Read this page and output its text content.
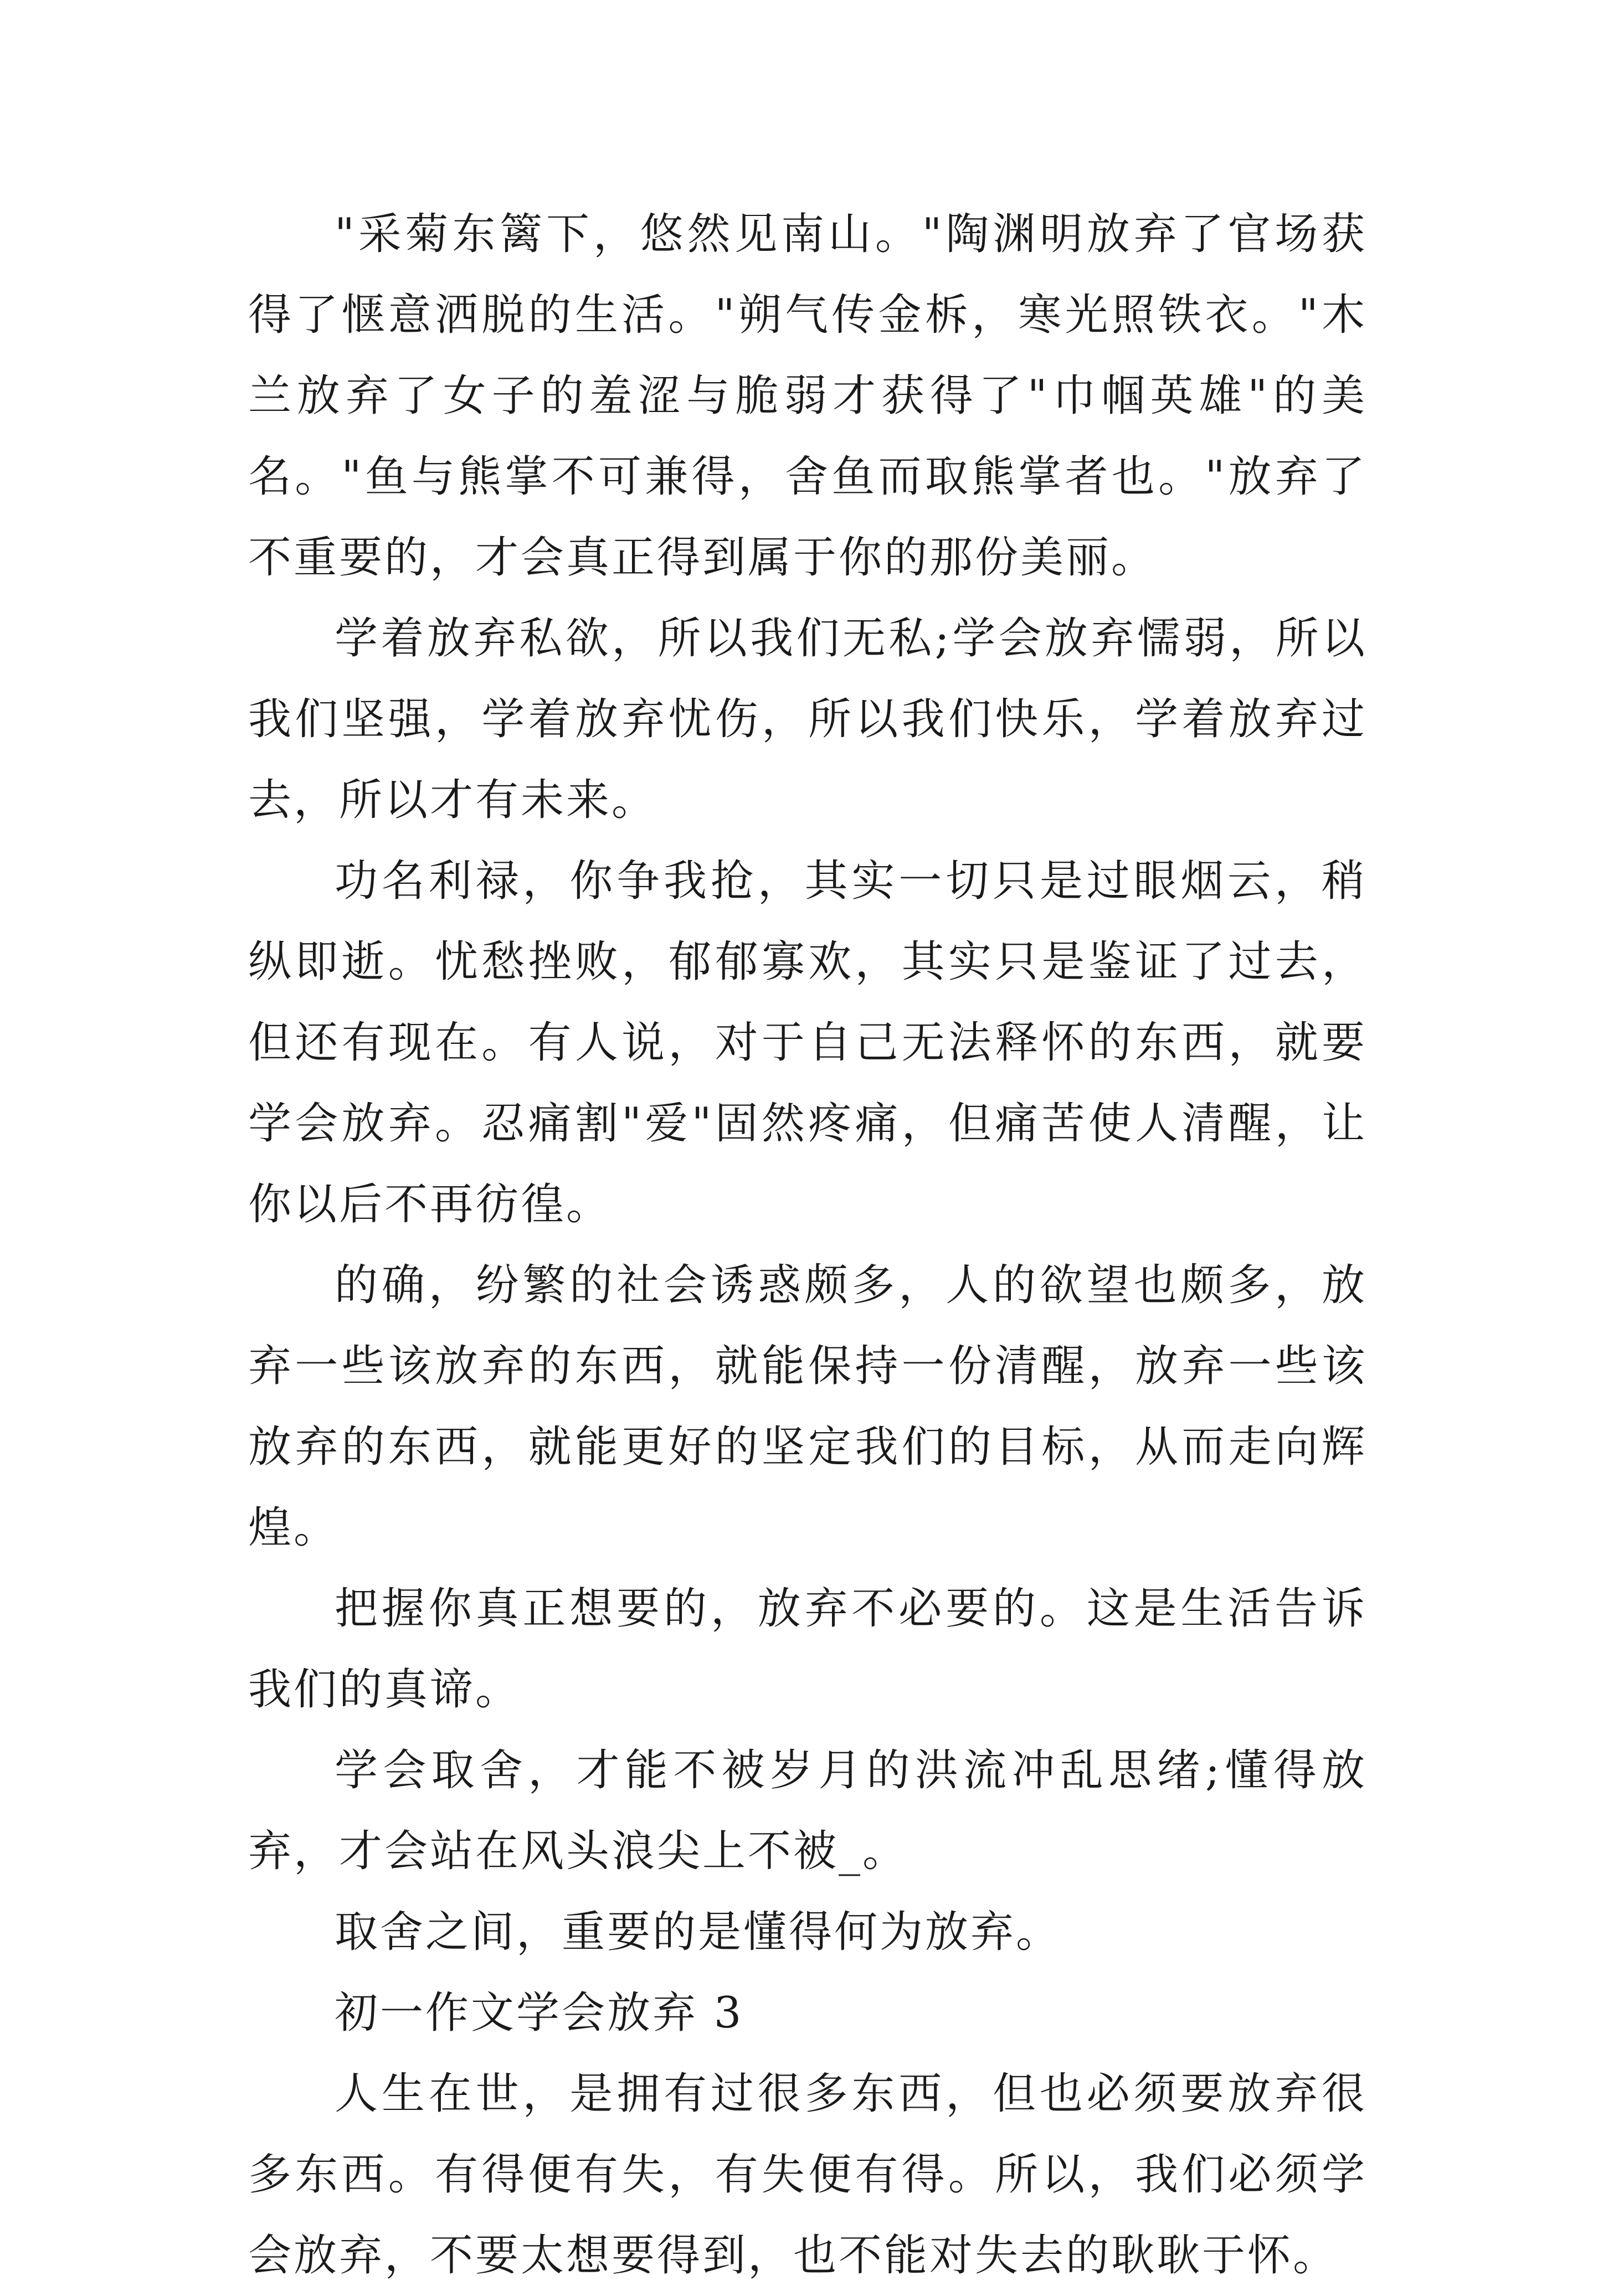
"采菊东篱下，悠然见南山。"陶渊明放弃了官场获得了惬意洒脱的生活。"朔气传金柝，寒光照铁衣。"木兰放弃了女子的羞涩与脆弱才获得了"巾帼英雄"的美名。"鱼与熊掌不可兼得，舍鱼而取熊掌者也。"放弃了不重要的，才会真正得到属于你的那份美丽。

学着放弃私欲，所以我们无私;学会放弃懦弱，所以我们坚强，学着放弃忧伤，所以我们快乐，学着放弃过去，所以才有未来。

功名利禄，你争我抢，其实一切只是过眼烟云，稍纵即逝。忧愁挫败，郁郁寡欢，其实只是鉴证了过去，但还有现在。有人说，对于自己无法释怀的东西，就要学会放弃。忍痛割"爱"固然疼痛，但痛苦使人清醒，让你以后不再彷徨。

的确，纷繁的社会诱惑颇多，人的欲望也颇多，放弃一些该放弃的东西，就能保持一份清醒，放弃一些该放弃的东西，就能更好的坚定我们的目标，从而走向辉煌。

把握你真正想要的，放弃不必要的。这是生活告诉我们的真谛。

学会取舍，才能不被岁月的洪流冲乱思绪;懂得放弃，才会站在风头浪尖上不被_。

取舍之间，重要的是懂得何为放弃。

初一作文学会放弃 3

人生在世，是拥有过很多东西，但也必须要放弃很多东西。有得便有失，有失便有得。所以，我们必须学会放弃，不要太想要得到，也不能对失去的耿耿于怀。
